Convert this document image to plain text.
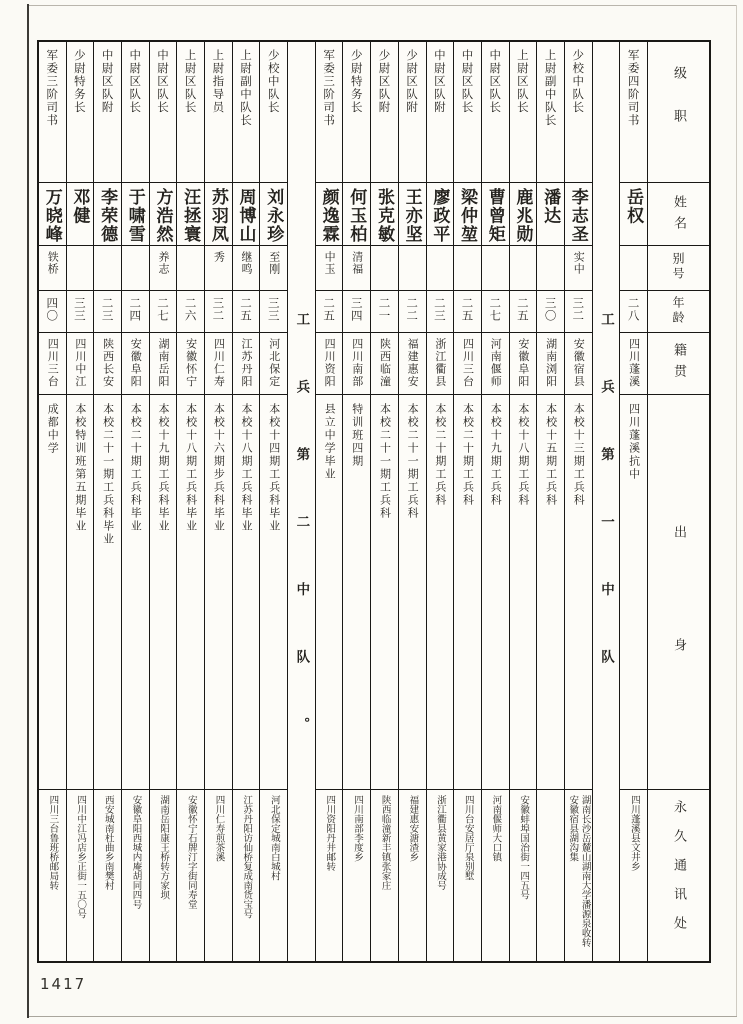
级职
姓名
别号
年龄
籍贯
出身
永久通讯处
军委四阶司书
岳权
二八
四川蓬溪
四川蓬溪抗中
四川蓬溪县文井乡
工兵第一中队
少校中队长
李志圣
实中
三二
安徽宿县
本校十三期工兵科
湖南长沙岳麓山湖南大学潘源泉收转
安徽宿县湖沟集
上尉副中队长
潘达
三〇
湖南浏阳
本校十五期工兵科
上尉区队长
鹿兆勋
二五
安徽阜阳
本校十八期工兵科
安徽蚌埠国治街一四五号
中尉区队长
曹曾矩
二七
河南偃师
本校十九期工兵科
河南偃师大口镇
中尉区队长
梁仲堃
二五
四川三台
本校二十期工兵科
四川台安居厅泉别墅
中尉区队附
廖政平
二三
浙江衢县
本校二十期工兵科
浙江衢县黄家港协成号
少尉区队附
王亦坚
二二
福建惠安
本校二十一期工兵科
福建惠安溏渣乡
少尉区队附
张克敏
二一
陕西临潼
本校二十一期工兵科
陕西临潼新丰镇张家庄
少尉特务长
何玉柏
清福
三四
四川南部
特训班四期
四川南部李度乡
军委三阶司书
颜逸霖
中玉
二五
四川资阳
县立中学毕业
四川资阳丹井邮转
工兵第二中队。
少校中队长
刘永珍
至刚
三三
河北保定
本校十四期工兵科毕业
河北保定城南白城村
上尉副中队长
周博山
继鸣
二五
江苏丹阳
本校十八期工兵科毕业
江苏丹阳访仙桥复成南货宝号
上尉指导员
苏羽凤
秀
三二
四川仁寿
本校十六期步兵科毕业
四川仁寿煎茶溪
上尉区队长
汪拯寰
二六
安徽怀宁
本校十八期工兵科毕业
安徽怀宁石牌汀字街同寿堂
中尉区队长
方浩然
养志
二七
湖南岳阳
本校十九期工兵科毕业
湖南岳阳康王桥转方家坝
中尉区队长
于啸雪
二四
安徽阜阳
本校二十期工兵科毕业
安徽阜阳西城内庵胡同四号
中尉区队附
李荣德
二三
陕西长安
本校二十一期工兵科毕业
西安城南杜曲乡南樊村
少尉特务长
邓健
三三
四川中江
本校特训班第五期毕业
四川中江冯店乡正街一五〇号
军委三阶司书
万晓峰
铁桥
四〇
四川三台
成都中学
四川三台鲁班桥邮局转
1417
